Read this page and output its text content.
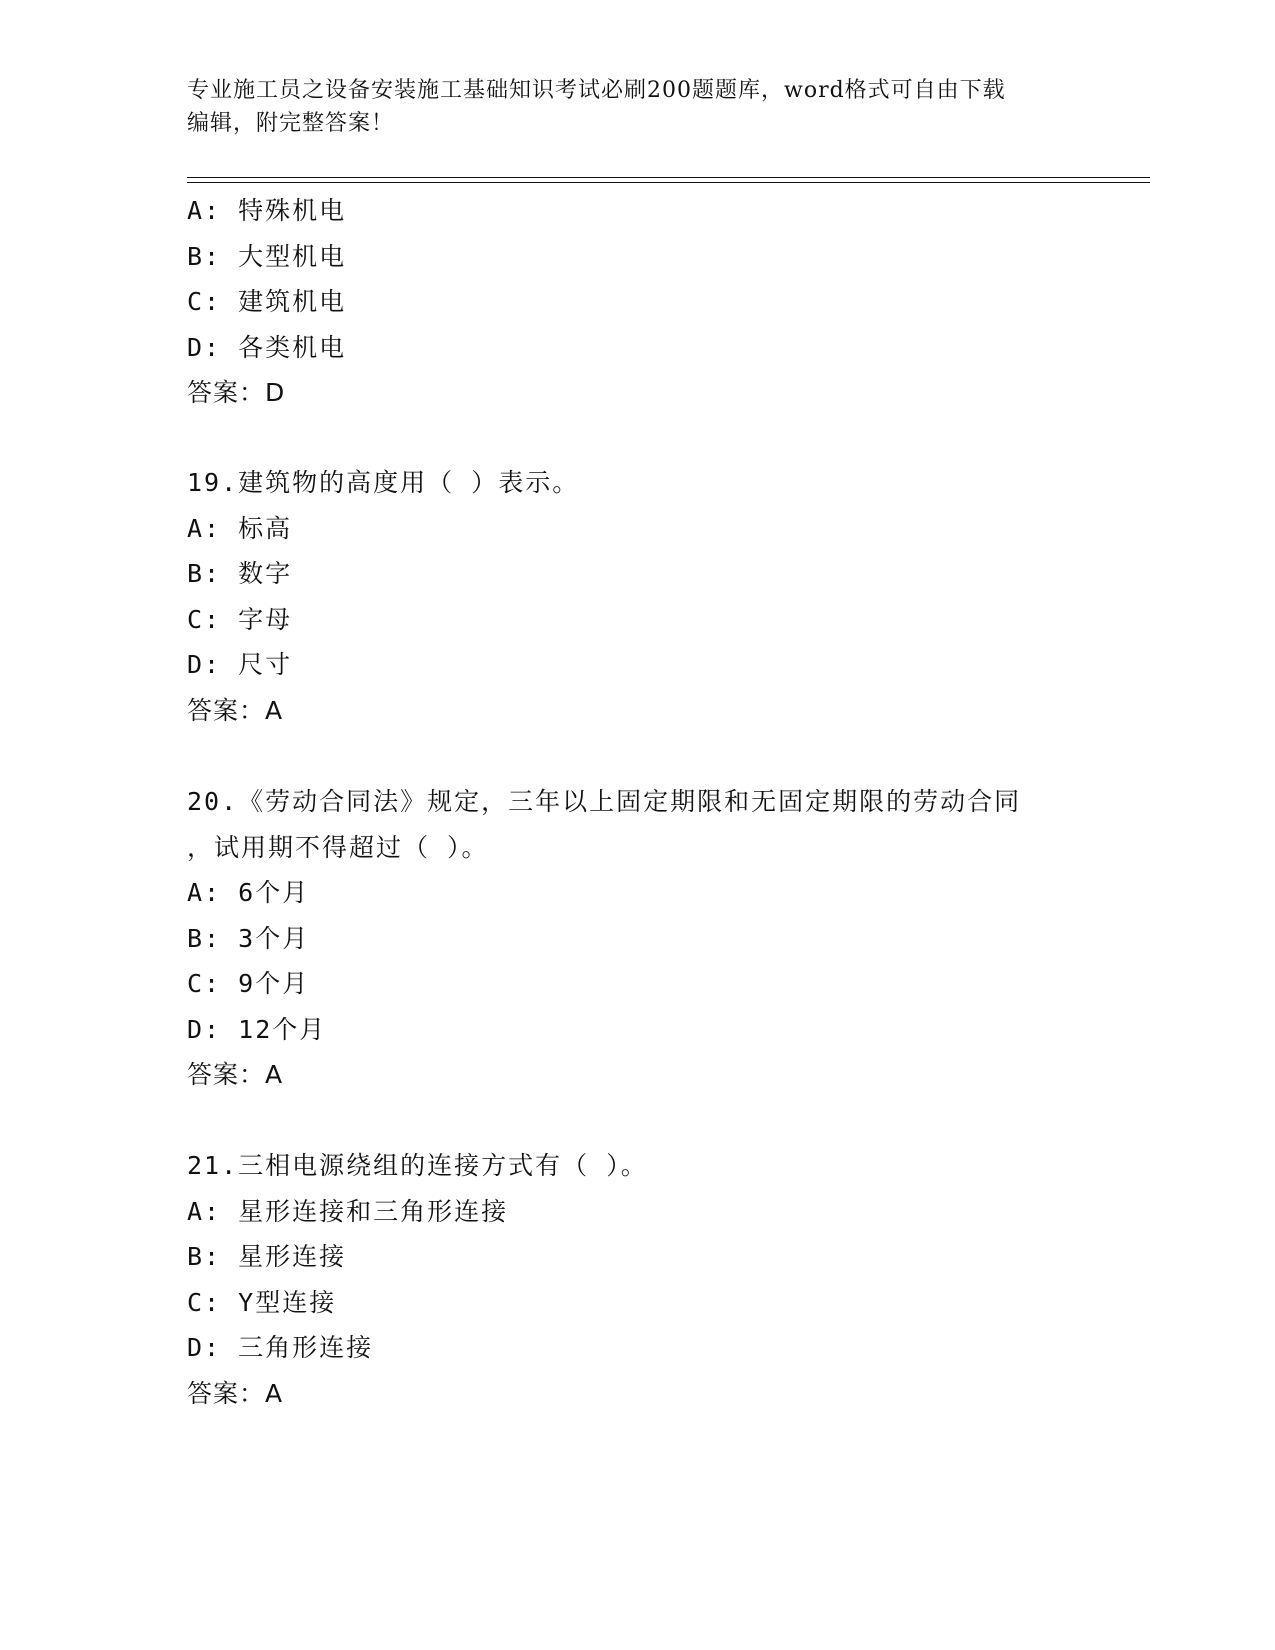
专业施工员之设备安装施工基础知识考试必刷200题题库，word格式可自由下载
编辑，附完整答案！
A: 特殊机电
B: 大型机电
C: 建筑机电
D: 各类机电
答案：D
19.建筑物的高度用（ ）表示。
A: 标高
B: 数字
C: 字母
D: 尺寸
答案：A
20.《劳动合同法》规定，三年以上固定期限和无固定期限的劳动合同
，试用期不得超过（ ）。
A: 6个月
B: 3个月
C: 9个月
D: 12个月
答案：A
21.三相电源绕组的连接方式有（ ）。
A: 星形连接和三角形连接
B: 星形连接
C: Y型连接
D: 三角形连接
答案：A
